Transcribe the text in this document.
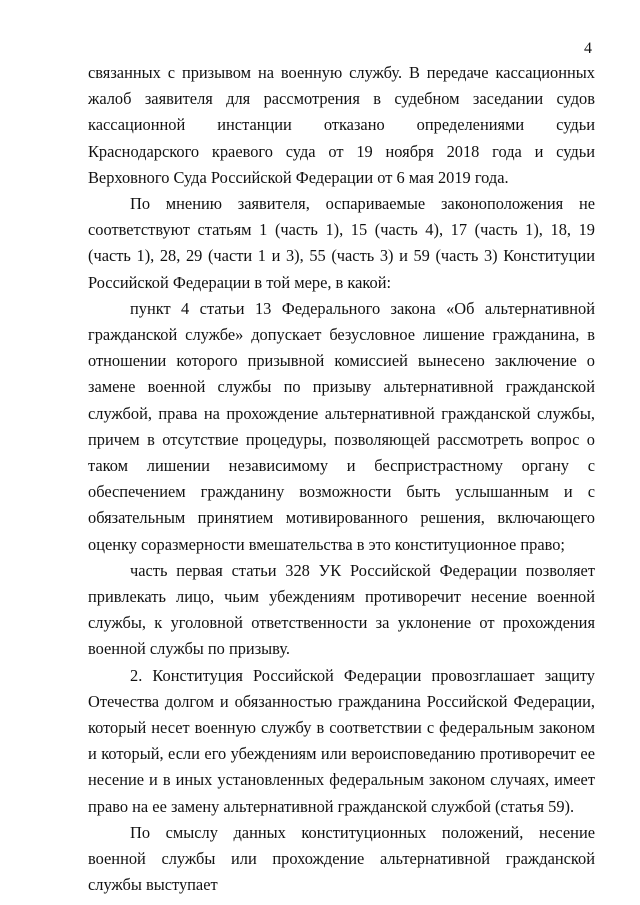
4

связанных с призывом на военную службу. В передаче кассационных жалоб заявителя для рассмотрения в судебном заседании судов кассационной инстанции отказано определениями судьи Краснодарского краевого суда от 19 ноября 2018 года и судьи Верховного Суда Российской Федерации от 6 мая 2019 года.

По мнению заявителя, оспариваемые законоположения не соответствуют статьям 1 (часть 1), 15 (часть 4), 17 (часть 1), 18, 19 (часть 1), 28, 29 (части 1 и 3), 55 (часть 3) и 59 (часть 3) Конституции Российской Федерации в той мере, в какой:

пункт 4 статьи 13 Федерального закона «Об альтернативной гражданской службе» допускает безусловное лишение гражданина, в отношении которого призывной комиссией вынесено заключение о замене военной службы по призыву альтернативной гражданской службой, права на прохождение альтернативной гражданской службы, причем в отсутствие процедуры, позволяющей рассмотреть вопрос о таком лишении независимому и беспристрастному органу с обеспечением гражданину возможности быть услышанным и с обязательным принятием мотивированного решения, включающего оценку соразмерности вмешательства в это конституционное право;

часть первая статьи 328 УК Российской Федерации позволяет привлекать лицо, чьим убеждениям противоречит несение военной службы, к уголовной ответственности за уклонение от прохождения военной службы по призыву.

2. Конституция Российской Федерации провозглашает защиту Отечества долгом и обязанностью гражданина Российской Федерации, который несет военную службу в соответствии с федеральным законом и который, если его убеждениям или вероисповеданию противоречит ее несение и в иных установленных федеральным законом случаях, имеет право на ее замену альтернативной гражданской службой (статья 59).

По смыслу данных конституционных положений, несение военной службы или прохождение альтернативной гражданской службы выступает
